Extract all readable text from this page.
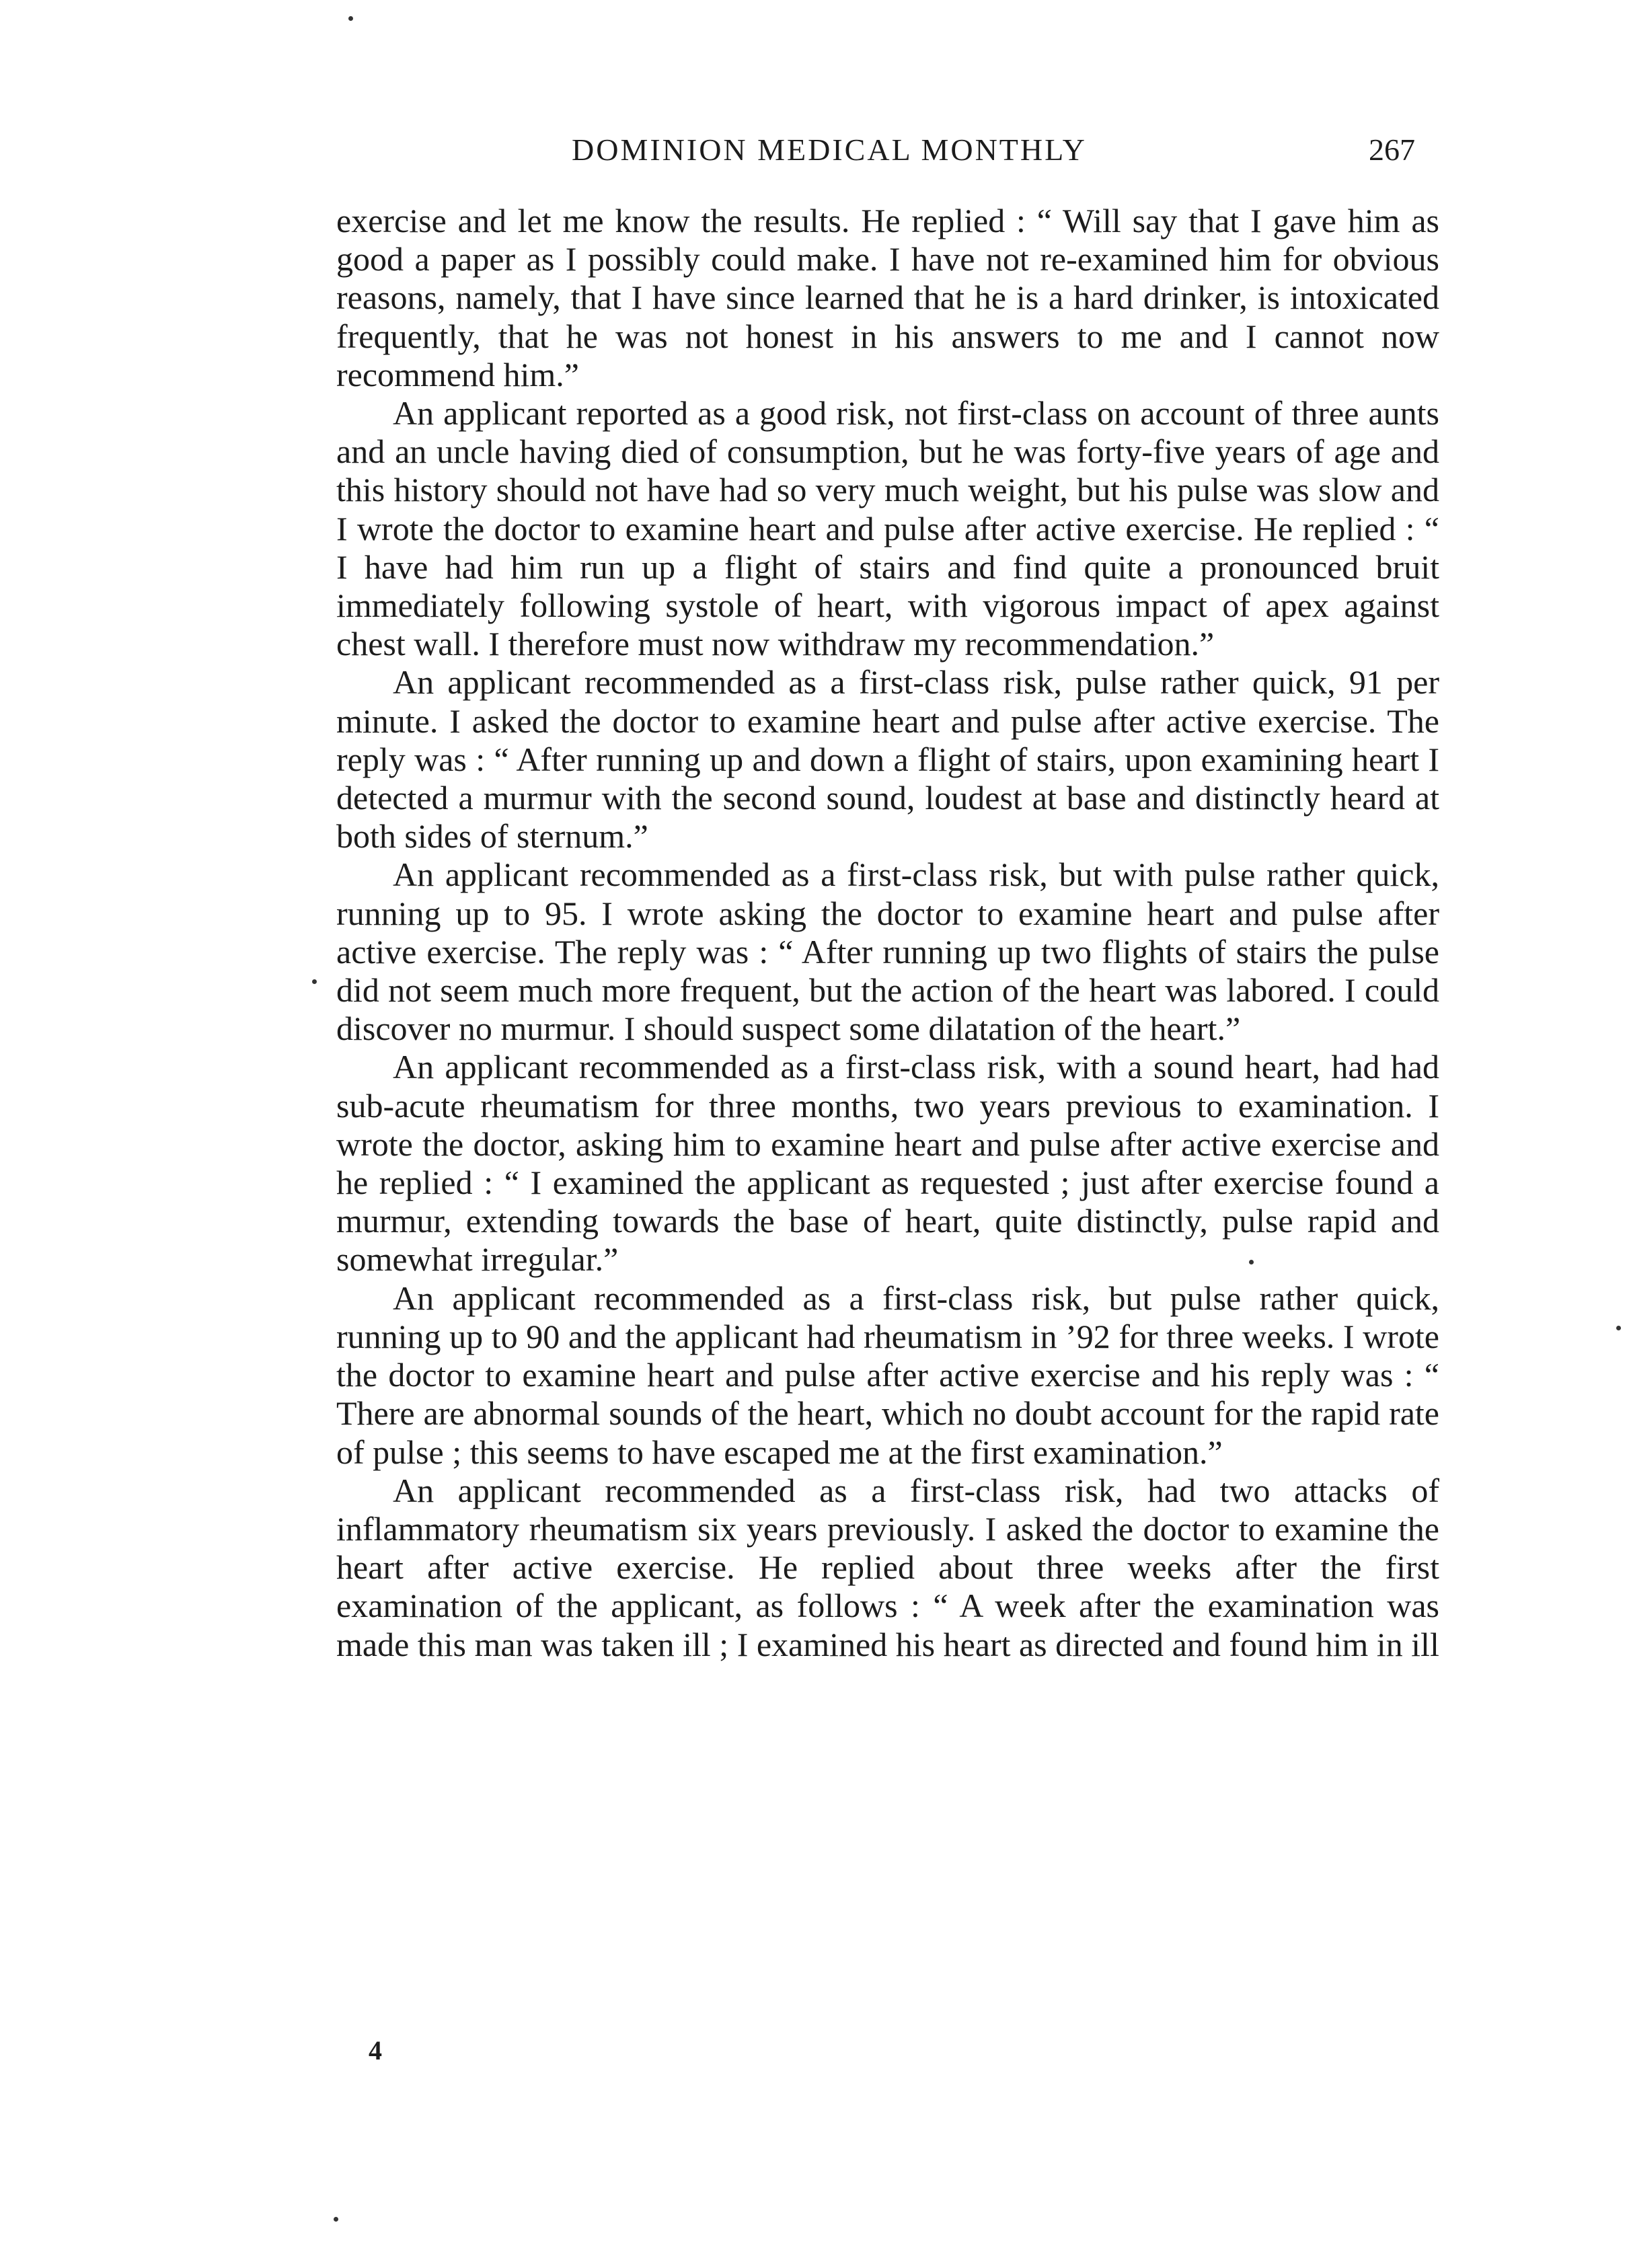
DOMINION MEDICAL MONTHLY	267

exercise and let me know the results. He replied : “ Will say that I gave him as good a paper as I possibly could make. I have not re-examined him for obvious reasons, namely, that I have since learned that he is a hard drinker, is intoxicated frequently, that he was not honest in his answers to me and I cannot now recommend him.”

An applicant reported as a good risk, not first-class on account of three aunts and an uncle having died of consumption, but he was forty-five years of age and this history should not have had so very much weight, but his pulse was slow and I wrote the doctor to examine heart and pulse after active exercise. He replied : “ I have had him run up a flight of stairs and find quite a pronounced bruit immediately following systole of heart, with vigorous impact of apex against chest wall. I therefore must now withdraw my recommendation.”

An applicant recommended as a first-class risk, pulse rather quick, 91 per minute. I asked the doctor to examine heart and pulse after active exercise. The reply was : “ After running up and down a flight of stairs, upon examining heart I detected a murmur with the second sound, loudest at base and distinctly heard at both sides of sternum.”

An applicant recommended as a first-class risk, but with pulse rather quick, running up to 95. I wrote asking the doctor to examine heart and pulse after active exercise. The reply was : “ After running up two flights of stairs the pulse did not seem much more frequent, but the action of the heart was labored. I could discover no murmur. I should suspect some dilatation of the heart.”

An applicant recommended as a first-class risk, with a sound heart, had had sub-acute rheumatism for three months, two years previous to examination. I wrote the doctor, asking him to examine heart and pulse after active exercise and he replied : “ I examined the applicant as requested ; just after exercise found a murmur, extending towards the base of heart, quite distinctly, pulse rapid and somewhat irregular.”

An applicant recommended as a first-class risk, but pulse rather quick, running up to 90 and the applicant had rheumatism in ’92 for three weeks. I wrote the doctor to examine heart and pulse after active exercise and his reply was : “ There are abnormal sounds of the heart, which no doubt account for the rapid rate of pulse ; this seems to have escaped me at the first examination.”

An applicant recommended as a first-class risk, had two attacks of inflammatory rheumatism six years previously. I asked the doctor to examine the heart after active exercise. He replied about three weeks after the first examination of the applicant, as follows : “ A week after the examination was made this man was taken ill ; I examined his heart as directed and found him in ill

4
